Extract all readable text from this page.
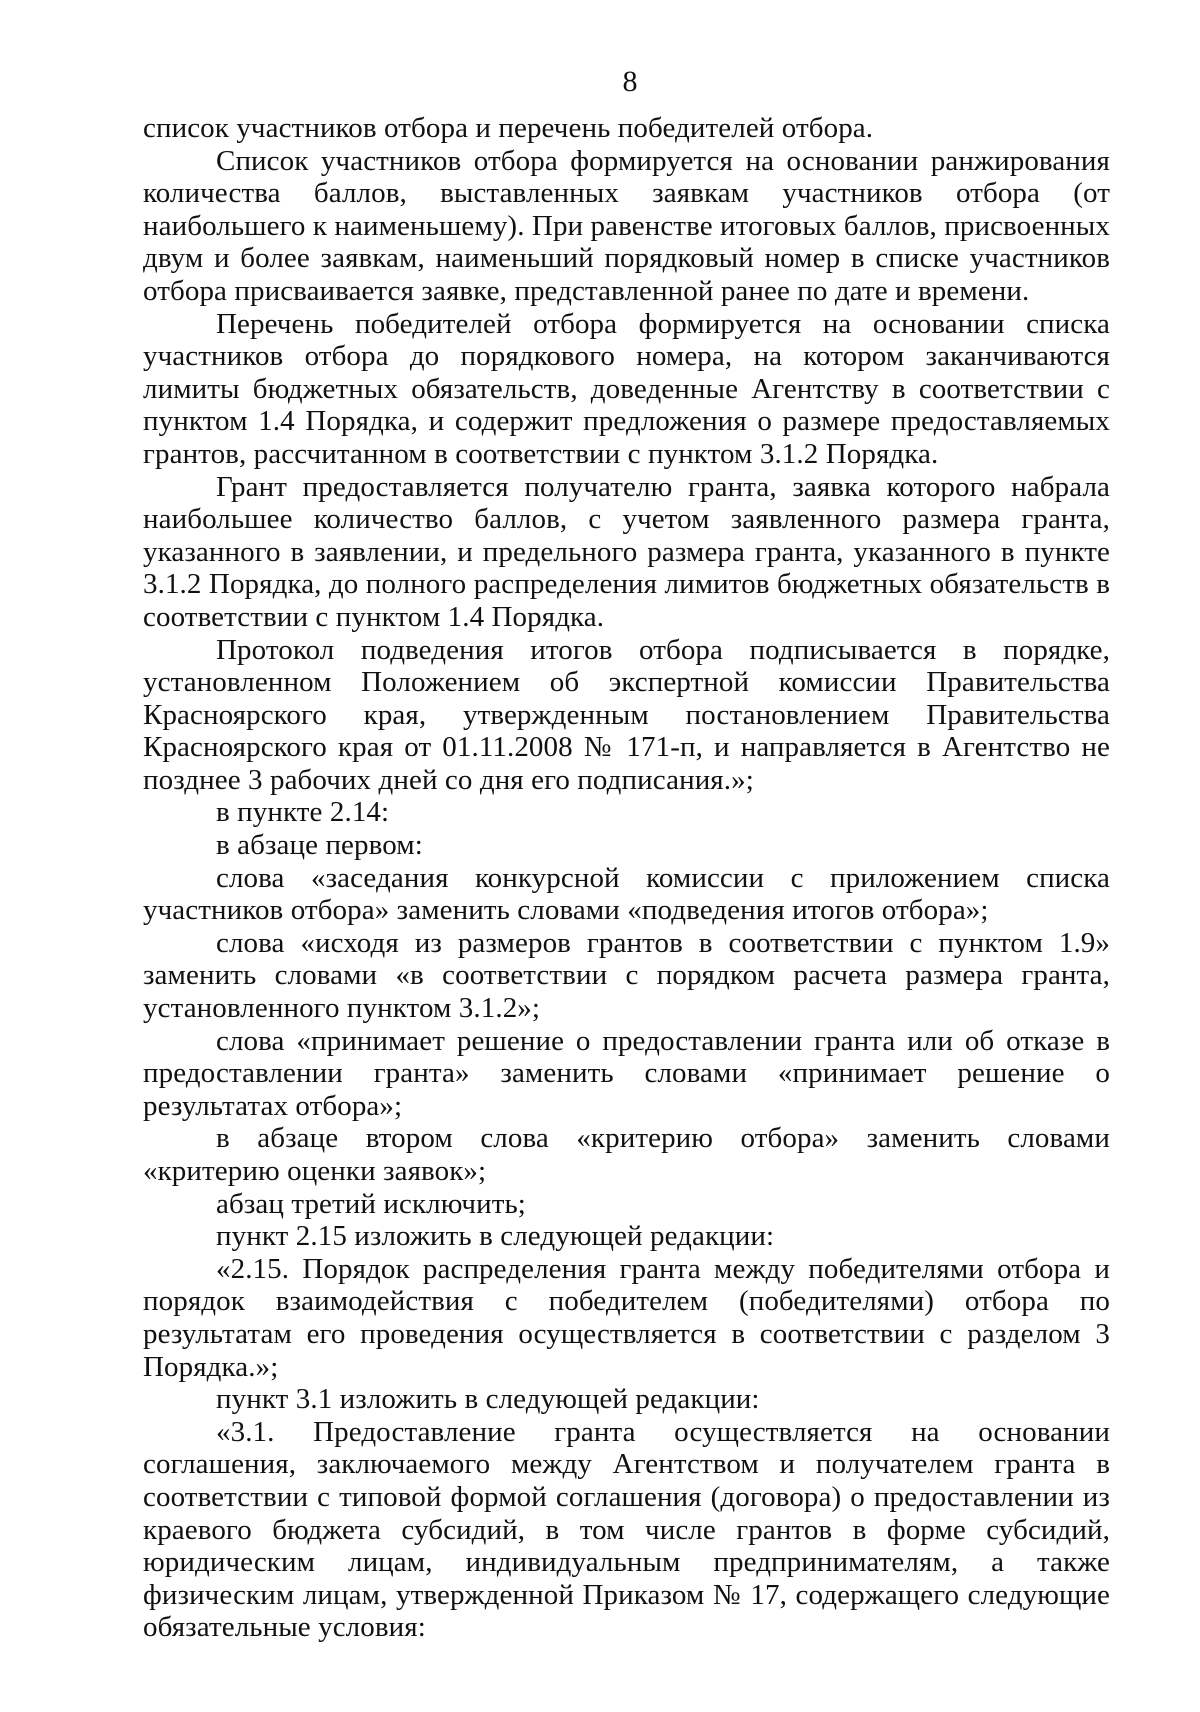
8

список участников отбора и перечень победителей отбора.

Список участников отбора формируется на основании ранжирования количества баллов, выставленных заявкам участников отбора (от наибольшего к наименьшему). При равенстве итоговых баллов, присвоенных двум и более заявкам, наименьший порядковый номер в списке участников отбора присваивается заявке, представленной ранее по дате и времени.

Перечень победителей отбора формируется на основании списка участников отбора до порядкового номера, на котором заканчиваются лимиты бюджетных обязательств, доведенные Агентству в соответствии с пунктом 1.4 Порядка, и содержит предложения о размере предоставляемых грантов, рассчитанном в соответствии с пунктом 3.1.2 Порядка.

Грант предоставляется получателю гранта, заявка которого набрала наибольшее количество баллов, с учетом заявленного размера гранта, указанного в заявлении, и предельного размера гранта, указанного в пункте 3.1.2 Порядка, до полного распределения лимитов бюджетных обязательств в соответствии с пунктом 1.4 Порядка.

Протокол подведения итогов отбора подписывается в порядке, установленном Положением об экспертной комиссии Правительства Красноярского края, утвержденным постановлением Правительства Красноярского края от 01.11.2008 № 171-п, и направляется в Агентство не позднее 3 рабочих дней со дня его подписания.»;

в пункте 2.14:

в абзаце первом:

слова «заседания конкурсной комиссии с приложением списка участников отбора» заменить словами «подведения итогов отбора»;

слова «исходя из размеров грантов в соответствии с пунктом 1.9» заменить словами «в соответствии с порядком расчета размера гранта, установленного пунктом 3.1.2»;

слова «принимает решение о предоставлении гранта или об отказе в предоставлении гранта» заменить словами «принимает решение о результатах отбора»;

в абзаце втором слова «критерию отбора» заменить словами «критерию оценки заявок»;

абзац третий исключить;

пункт 2.15 изложить в следующей редакции:

«2.15. Порядок распределения гранта между победителями отбора и порядок взаимодействия с победителем (победителями) отбора по результатам его проведения осуществляется в соответствии с разделом 3 Порядка.»;

пункт 3.1 изложить в следующей редакции:

«3.1. Предоставление гранта осуществляется на основании соглашения, заключаемого между Агентством и получателем гранта в соответствии с типовой формой соглашения (договора) о предоставлении из краевого бюджета субсидий, в том числе грантов в форме субсидий, юридическим лицам, индивидуальным предпринимателям, а также физическим лицам, утвержденной Приказом № 17, содержащего следующие обязательные условия:
